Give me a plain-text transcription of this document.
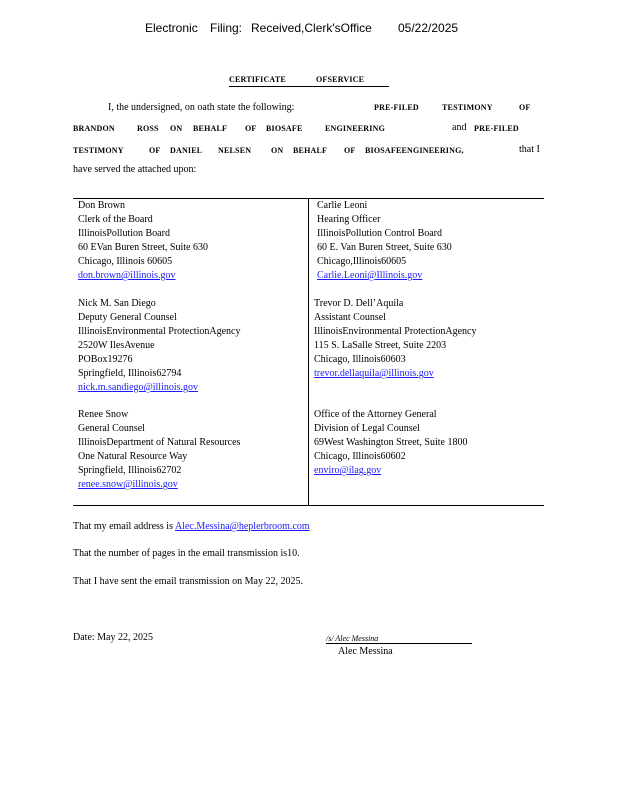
Electronic Filing: Received,Clerk'sOffice 05/22/2025
CERTIFICATE	OFSERVICE
I, the undersigned, on oath state the following:	PRE-FILED	TESTIMONY	OF
BRANDON	ROSS ON BEHALF OF BIOSAFE	ENGINEERING	and PRE-FILED
TESTIMONY	OF DANIEL NELSEN ON BEHALF OF BIOSAFEENGINEERING,	that I
have served the attached upon:
Don Brown
Clerk of the Board
IllinoisPollution Board
60 EVan Buren Street, Suite 630
Chicago, Illinois 60605
don.brown@illinois.gov
Carlie Leoni
Hearing Officer
IllinoisPollution Control Board
60 E. Van Buren Street, Suite 630
Chicago,Illinois60605
Carlie.Leoni@Illinois.gov
Nick M. San Diego
Deputy General Counsel
IllinoisEnvironmental ProtectionAgency
2520W IlesAvenue
POBox19276
Springfield, Illinois62794
nick.m.sandiego@illinois.gov
Trevor D. Dell’Aquila
Assistant Counsel
IllinoisEnvironmental ProtectionAgency
115 S. LaSalle Street, Suite 2203
Chicago, Illinois60603
trevor.dellaquila@illinois.gov
Renee Snow
General Counsel
IllinoisDepartment of Natural Resources
One Natural Resource Way
Springfield, Illinois62702
renee.snow@illinois.gov
Office of the Attorney General
Division of Legal Counsel
69West Washington Street, Suite 1800
Chicago, Illinois60602
enviro@ilag.gov
That my email address is Alec.Messina@heplerbroom.com
That the number of pages in the email transmission is10.
That I have sent the email transmission on May 22, 2025.
Date: May 22, 2025	/s/ Alec Messina
Alec Messina
